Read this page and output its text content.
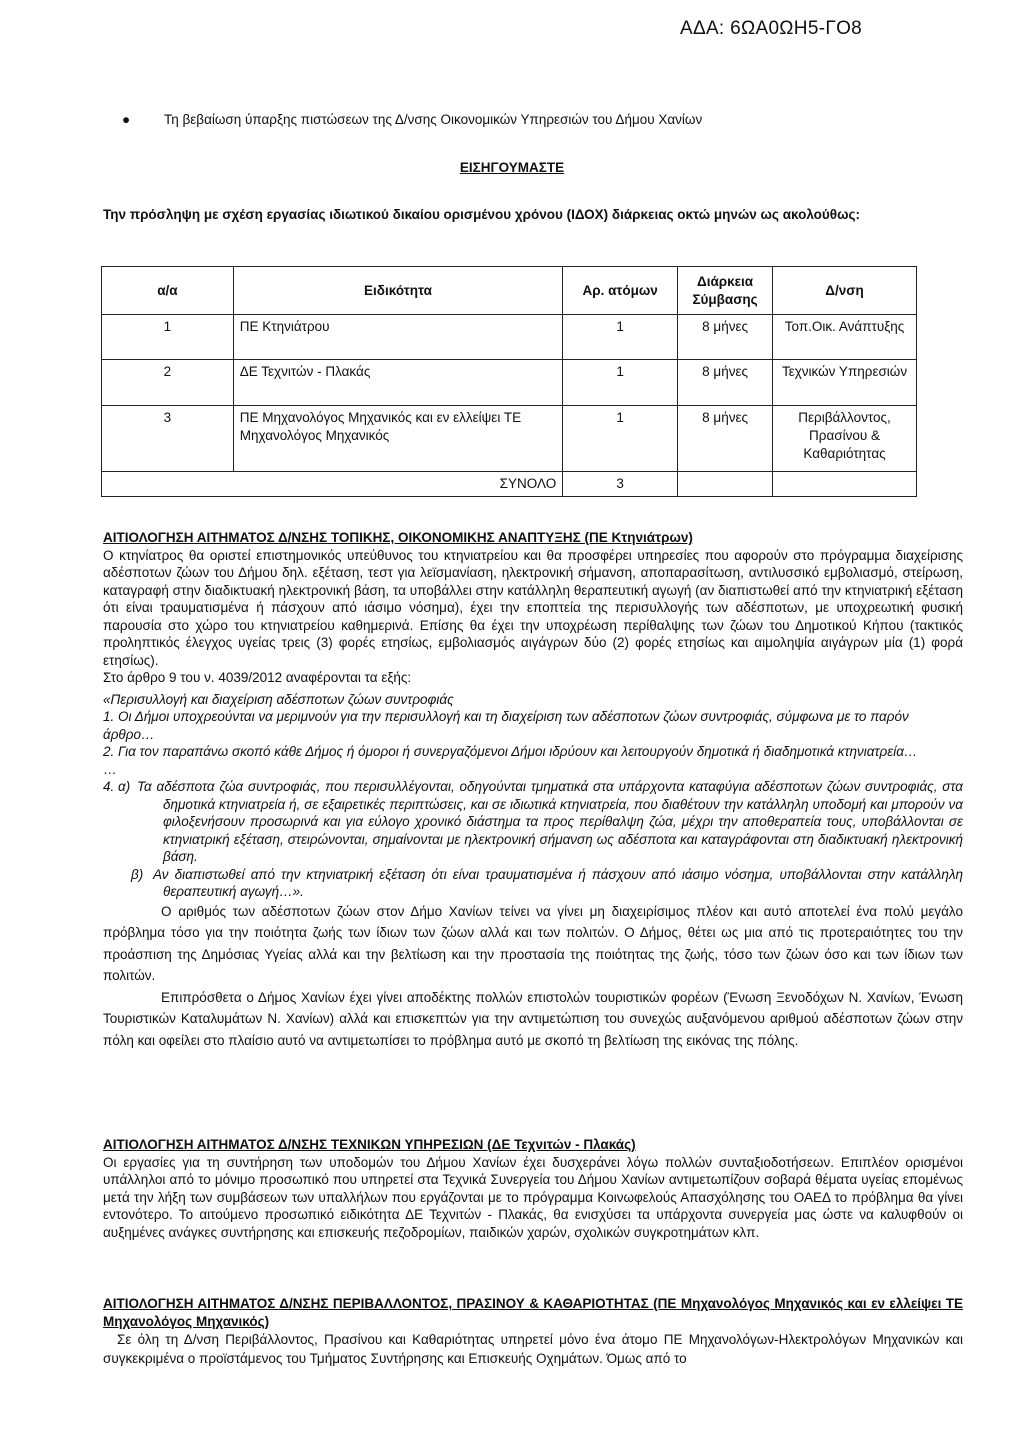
ΑΔΑ: 6ΩΑ0ΩΗ5-ΓΟ8
●	Τη βεβαίωση ύπαρξης πιστώσεων της Δ/νσης Οικονομικών Υπηρεσιών του Δήμου Χανίων
ΕΙΣΗΓΟΥΜΑΣΤΕ
Την πρόσληψη με σχέση εργασίας ιδιωτικού δικαίου ορισμένου χρόνου (ΙΔΟΧ) διάρκειας οκτώ μηνών ως ακολούθως:
α/α	Ειδικότητα	Αρ. ατόμων	Διάρκεια Σύμβασης	Δ/νση
1	ΠΕ Κτηνιάτρου	1	8 μήνες	Τοπ.Οικ. Ανάπτυξης
2	ΔΕ Τεχνιτών - Πλακάς	1	8 μήνες	Τεχνικών Υπηρεσιών
3	ΠΕ Μηχανολόγος Μηχανικός και εν ελλείψει ΤΕ Μηχανολόγος Μηχανικός	1	8 μήνες	Περιβάλλοντος, Πρασίνου & Καθαριότητας
ΣΥΝΟΛΟ		3		
ΑΙΤΙΟΛΟΓΗΣΗ ΑΙΤΗΜΑΤΟΣ Δ/ΝΣΗΣ ΤΟΠΙΚΗΣ, ΟΙΚΟΝΟΜΙΚΗΣ ΑΝΑΠΤΥΞΗΣ (ΠΕ Κτηνιάτρων)
Ο κτηνίατρος θα οριστεί επιστημονικός υπεύθυνος του κτηνιατρείου και θα προσφέρει υπηρεσίες που αφορούν στο πρόγραμμα διαχείρισης αδέσποτων ζώων του Δήμου δηλ. εξέταση, τεστ για λεϊσμανίαση, ηλεκτρονική σήμανση, αποπαρασίτωση, αντιλυσσικό εμβολιασμό, στείρωση, καταγραφή στην διαδικτυακή ηλεκτρονική βάση, τα υποβάλλει στην κατάλληλη θεραπευτική αγωγή (αν διαπιστωθεί από την κτηνιατρική εξέταση ότι είναι τραυματισμένα ή πάσχουν από ιάσιμο νόσημα), έχει την εποπτεία της περισυλλογής των αδέσποτων, με υποχρεωτική φυσική παρουσία στο χώρο του κτηνιατρείου καθημερινά. Επίσης θα έχει την υποχρέωση περίθαλψης των ζώων του Δημοτικού Κήπου (τακτικός προληπτικός έλεγχος υγείας τρεις (3) φορές ετησίως, εμβολιασμός αιγάγρων δύο (2) φορές ετησίως και αιμοληψία αιγάγρων μία (1) φορά ετησίως).
Στο άρθρο 9 του ν. 4039/2012 αναφέρονται τα εξής:
«Περισυλλογή και διαχείριση αδέσποτων ζώων συντροφιάς
1. Οι Δήμοι υποχρεούνται να μεριμνούν για την περισυλλογή και τη διαχείριση των αδέσποτων ζώων συντροφιάς, σύμφωνα με το παρόν άρθρο…
2. Για τον παραπάνω σκοπό κάθε Δήμος ή όμοροι ή συνεργαζόμενοι Δήμοι ιδρύουν και λειτουργούν δημοτικά ή διαδημοτικά κτηνιατρεία…
…
4. α) Τα αδέσποτα ζώα συντροφιάς, που περισυλλέγονται, οδηγούνται τμηματικά στα υπάρχοντα καταφύγια αδέσποτων ζώων συντροφιάς, στα δημοτικά κτηνιατρεία ή, σε εξαιρετικές περιπτώσεις, και σε ιδιωτικά κτηνιατρεία, που διαθέτουν την κατάλληλη υποδομή και μπορούν να φιλοξενήσουν προσωρινά και για εύλογο χρονικό διάστημα τα προς περίθαλψη ζώα, μέχρι την αποθεραπεία τους, υποβάλλονται σε κτηνιατρική εξέταση, στειρώνονται, σημαίνονται με ηλεκτρονική σήμανση ως αδέσποτα και καταγράφονται στη διαδικτυακή ηλεκτρονική βάση.
β) Αν διαπιστωθεί από την κτηνιατρική εξέταση ότι είναι τραυματισμένα ή πάσχουν από ιάσιμο νόσημα, υποβάλλονται στην κατάλληλη θεραπευτική αγωγή…».
Ο αριθμός των αδέσποτων ζώων στον Δήμο Χανίων τείνει να γίνει μη διαχειρίσιμος πλέον και αυτό αποτελεί ένα πολύ μεγάλο πρόβλημα τόσο για την ποιότητα ζωής των ίδιων των ζώων αλλά και των πολιτών. Ο Δήμος, θέτει ως μια από τις προτεραιότητες του την προάσπιση της Δημόσιας Υγείας αλλά και την βελτίωση και την προστασία της ποιότητας της ζωής, τόσο των ζώων όσο και των ίδιων των πολιτών.
Επιπρόσθετα ο Δήμος Χανίων έχει γίνει αποδέκτης πολλών επιστολών τουριστικών φορέων (Ένωση Ξενοδόχων Ν. Χανίων, Ένωση Τουριστικών Καταλυμάτων Ν. Χανίων) αλλά και επισκεπτών για την αντιμετώπιση του συνεχώς αυξανόμενου αριθμού αδέσποτων ζώων στην πόλη και οφείλει στο πλαίσιο αυτό να αντιμετωπίσει το πρόβλημα αυτό με σκοπό τη βελτίωση της εικόνας της πόλης.
ΑΙΤΙΟΛΟΓΗΣΗ ΑΙΤΗΜΑΤΟΣ Δ/ΝΣΗΣ ΤΕΧΝΙΚΩΝ ΥΠΗΡΕΣΙΩΝ (ΔΕ Τεχνιτών - Πλακάς)
Οι εργασίες για τη συντήρηση των υποδομών του Δήμου Χανίων έχει δυσχεράνει λόγω πολλών συνταξιοδοτήσεων. Επιπλέον ορισμένοι υπάλληλοι από το μόνιμο προσωπικό που υπηρετεί στα Τεχνικά Συνεργεία του Δήμου Χανίων αντιμετωπίζουν σοβαρά θέματα υγείας επομένως μετά την λήξη των συμβάσεων των υπαλλήλων που εργάζονται με το πρόγραμμα Κοινωφελούς Απασχόλησης του ΟΑΕΔ το πρόβλημα θα γίνει εντονότερο. Το αιτούμενο προσωπικό ειδικότητα ΔΕ Τεχνιτών - Πλακάς, θα ενισχύσει τα υπάρχοντα συνεργεία μας ώστε να καλυφθούν οι αυξημένες ανάγκες συντήρησης και επισκευής πεζοδρομίων, παιδικών χαρών, σχολικών συγκροτημάτων κλπ.
ΑΙΤΙΟΛΟΓΗΣΗ ΑΙΤΗΜΑΤΟΣ Δ/ΝΣΗΣ ΠΕΡΙΒΑΛΛΟΝΤΟΣ, ΠΡΑΣΙΝΟΥ & ΚΑΘΑΡΙΟΤΗΤΑΣ (ΠΕ Μηχανολόγος Μηχανικός και εν ελλείψει ΤΕ Μηχανολόγος Μηχανικός)
Σε όλη τη Δ/νση Περιβάλλοντος, Πρασίνου και Καθαριότητας υπηρετεί μόνο ένα άτομο ΠΕ Μηχανολόγων-Ηλεκτρολόγων Μηχανικών και συγκεκριμένα ο προϊστάμενος του Τμήματος Συντήρησης και Επισκευής Οχημάτων. Όμως από το
